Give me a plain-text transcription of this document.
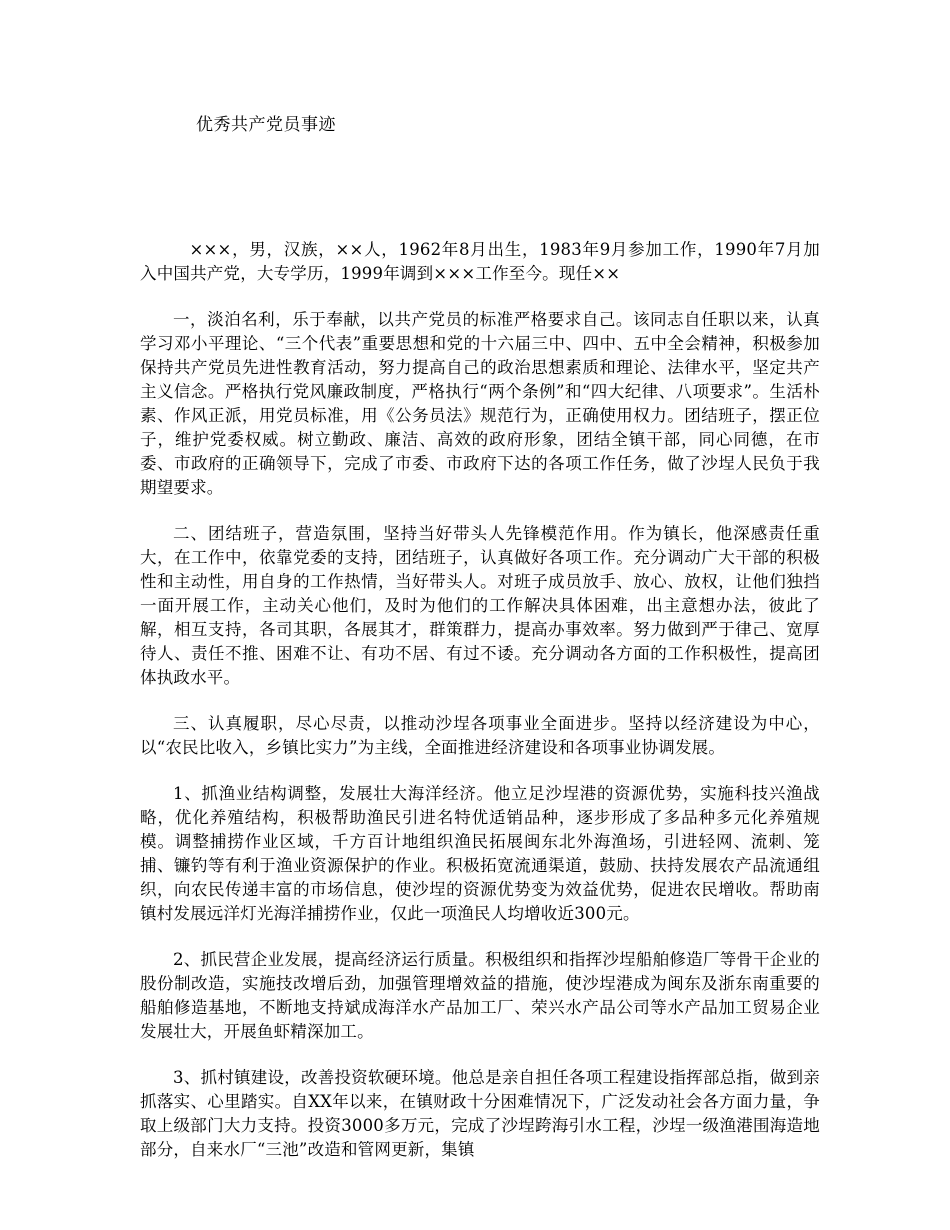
优秀共产党员事迹

×××，男，汉族，××人，1962年8月出生，1983年9月参加工作，1990年7月加入中国共产党，大专学历，1999年调到×××工作至今。现任××

一，淡泊名利，乐于奉献，以共产党员的标准严格要求自己。该同志自任职以来，认真学习邓小平理论、“三个代表”重要思想和党的十六届三中、四中、五中全会精神，积极参加保持共产党员先进性教育活动，努力提高自己的政治思想素质和理论、法律水平，坚定共产主义信念。严格执行党风廉政制度，严格执行“两个条例”和“四大纪律、八项要求”。生活朴素、作风正派，用党员标准，用《公务员法》规范行为，正确使用权力。团结班子，摆正位子，维护党委权威。树立勤政、廉洁、高效的政府形象，团结全镇干部，同心同德，在市委、市政府的正确领导下，完成了市委、市政府下达的各项工作任务，做了沙埕人民负于我期望要求。

二、团结班子，营造氛围，坚持当好带头人先锋模范作用。作为镇长，他深感责任重大，在工作中，依靠党委的支持，团结班子，认真做好各项工作。充分调动广大干部的积极性和主动性，用自身的工作热情，当好带头人。对班子成员放手、放心、放权，让他们独挡一面开展工作，主动关心他们，及时为他们的工作解决具体困难，出主意想办法，彼此了解，相互支持，各司其职，各展其才，群策群力，提高办事效率。努力做到严于律己、宽厚待人、责任不推、困难不让、有功不居、有过不诿。充分调动各方面的工作积极性，提高团体执政水平。

三、认真履职，尽心尽责，以推动沙埕各项事业全面进步。坚持以经济建设为中心，以“农民比收入，乡镇比实力”为主线，全面推进经济建设和各项事业协调发展。

1、抓渔业结构调整，发展壮大海洋经济。他立足沙埕港的资源优势，实施科技兴渔战略，优化养殖结构，积极帮助渔民引进名特优适销品种，逐步形成了多品种多元化养殖规模。调整捕捞作业区域，千方百计地组织渔民拓展闽东北外海渔场，引进轻网、流刺、笼捕、镰钓等有利于渔业资源保护的作业。积极拓宽流通渠道，鼓励、扶持发展农产品流通组织，向农民传递丰富的市场信息，使沙埕的资源优势变为效益优势，促进农民增收。帮助南镇村发展远洋灯光海洋捕捞作业，仅此一项渔民人均增收近300元。

2、抓民营企业发展，提高经济运行质量。积极组织和指挥沙埕船舶修造厂等骨干企业的股份制改造，实施技改增后劲，加强管理增效益的措施，使沙埕港成为闽东及浙东南重要的船舶修造基地，不断地支持斌成海洋水产品加工厂、荣兴水产品公司等水产品加工贸易企业发展壮大，开展鱼虾精深加工。

3、抓村镇建设，改善投资软硬环境。他总是亲自担任各项工程建设指挥部总指，做到亲抓落实、心里踏实。自XX年以来，在镇财政十分困难情况下，广泛发动社会各方面力量，争取上级部门大力支持。投资3000多万元，完成了沙埕跨海引水工程，沙埕一级渔港围海造地部分，自来水厂“三池”改造和管网更新，集镇
